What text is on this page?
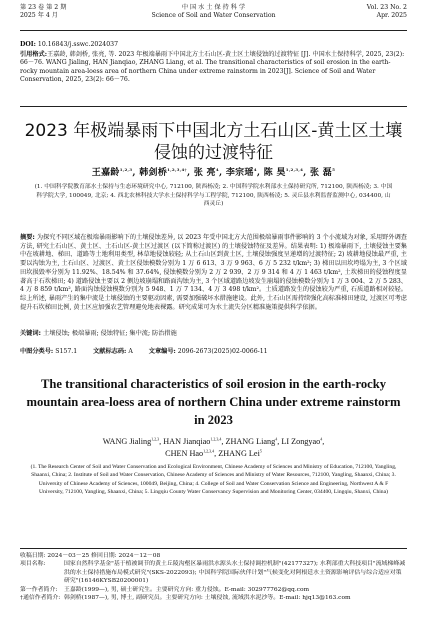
第 23 卷 第 2 期
2025 年 4 月
中 国 水 土 保 持 科 学
Science of Soil and Water Conservation
Vol. 23 No. 2
Apr. 2025
DOI: 10.16843/j.sswc.2024037
引用格式:王嘉龄, 韩剑桥, 张亮, 等. 2023 年极端暴雨下中国北方土石山区-黄土区土壤侵蚀的过渡特征 [J]. 中国水土保持科学, 2025, 23(2): 66－76. WANG Jialing, HAN Jianqiao, ZHANG Liang, et al. The transitional characteristics of soil erosion in the earth-rocky mountain area-loess area of northern China under extreme rainstorm in 2023[J]. Science of Soil and Water Conservation, 2025, 23(2): 66－76.
2023 年极端暴雨下中国北方土石山区-黄土区土壤侵蚀的过渡特征
王嘉龄$^{1,2,3}$, 韩剑桥$^{1,2,3,4\dagger}$, 张 亮$^4$, 李宗瑶$^4$, 陈 昊$^{1,2,3,4}$, 张 磊$^5$
(1. 中国科学院教育部水土保持与生态环境研究中心, 712100, 陕西杨凌; 2. 中国科学院水利部水土保持研究所, 712100, 陕西杨凌; 3. 中国科学院大学, 100049, 北京; 4. 西北农林科技大学水土保持科学与工程学院, 712100, 陕西杨凌; 5. 灵丘县水利监督监测中心, 034400, 山西灵丘)
摘要: 为探究不同区域在极端暴雨影响下的土壤侵蚀差异, 以 2023 年受中国北方大范围极端暴雨事件影响的 3 个小流域为对象, 采用野外调查方法, 研究土石山区、黄土区、土石山区-黄土区过渡区 (以下简称过渡区) 的土壤侵蚀特征及差异。结果表明: 1) 极端暴雨下, 土壤侵蚀主要集中在坡耕地、梯田、道路等土地利用类型, 林草地侵蚀较轻; 从土石山区到黄土区, 土壤侵蚀强度呈递增的过渡特征; 2) 坡耕地侵蚀最严重, 主要以沟蚀为主, 土石山区、过渡区、黄土区侵蚀模数分别为 1 万 6 613、3 万 9 963、6 万 5 232 t/km²; 3) 梯田以田坎垮塌为主, 3 个区域田坎损毁率分别为 11.92%、18.54% 和 37.64%, 侵蚀模数分别为 2 万 2 939、2 万 9 314 和 4 万 1 463 t/km², 土坎梯田的侵蚀程度显著高于石坎梯田; 4) 道路侵蚀主要以 2 侧边坡崩塌和路面沟蚀为主, 3 个区域道路边坡发生崩塌的侵蚀模数分别为 1 万 3 004、2 万 5 283、4 万 8 859 t/km², 路面沟蚀侵蚀模数分别为 5 948、1 万 7 134、4 万 3 498 t/km²。土质道路发生的侵蚀较为严重, 石质道路相对较轻。综上所述, 暴雨产生的集中流是土壤侵蚀的主要驱动因素, 需要加强破坏水措施建设。此外, 土石山区需持续强化高标准梯田建设, 过渡区可考虑提升石坎梯田比例, 黄土区应加强农艺管理避免地表裸露。研究成果可为水土流失分区精准施策提供科学依据。
关键词: 土壤侵蚀; 极端暴雨; 侵蚀特征; 集中流; 防治措施
中图分类号: S157.1	文献标志码: A	文章编号: 2096-2673(2025)02-0066-11
The transitional characteristics of soil erosion in the earth-rocky mountain area-loess area of northern China under extreme rainstorm in 2023
WANG Jialing$^{1,2,3}$, HAN Jianqiao$^{1,2,3,4}$, ZHANG Liang$^4$, LI Zongyao$^4$,
CHEN Hao$^{1,2,3,4}$, ZHANG Lei$^5$
(1. The Research Center of Soil and Water Conservation and Ecological Environment, Chinese Academy of Sciences and Ministry of Education, 712100, Yangling, Shaanxi, China; 2. Institute of Soil and Water Conservation, Chinese Academy of Sciences and Ministry of Water Resources, 712100, Yangling, Shaanxi, China; 3. University of Chinese Academy of Sciences, 100049, Beijing, China; 4. College of Soil and Water Conservation Science and Engineering, Northwest A & F University, 712100, Yangling, Shaanxi, China; 5. Lingqiu County Water Conservancy Supervision and Monitoring Center, 034400, Lingqiu, Shanxi, China)
收稿日期: 2024－03－25 修回日期: 2024－12－08
项目名称:	国家自然科学基金"基于植被调节的黄土丘陵沟壑区暴雨洪水源头水土保持调控机制"(42177327); 水利部重大科技项目"流域梯峰减洪的水土保持措施布局模式研究"(SKS-2022093); 中国科学院国际伙伴计划"气候变化对阿根廷水土资源影响评估与综合适应对策研究"(16146KYSB20200001)
第一作者简介:	王嘉龄(1999—), 男, 硕士研究生。主要研究方向: 重力侵蚀。E-mail: 302977762@qq.com
†通信作者简介: 韩剑桥(1987—), 男, 博士, 副研究员。主要研究方向: 土壤侵蚀, 流域洪水泥沙等。E-mail: hjq13@163.com
